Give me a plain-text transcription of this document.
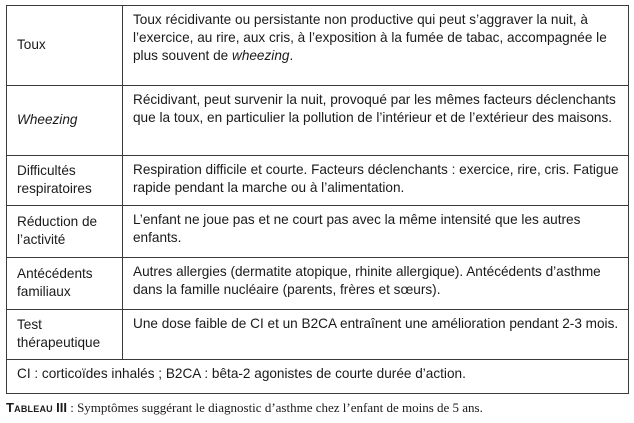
Toux	Toux récidivante ou persistante non productive qui peut s’aggraver la nuit, à l’exercice, au rire, aux cris, à l’exposition à la fumée de tabac, accompagnée le plus souvent de wheezing.
Wheezing	Récidivant, peut survenir la nuit, provoqué par les mêmes facteurs déclenchants que la toux, en particulier la pollution de l’intérieur et de l’extérieur des maisons.
Difficultés respiratoires	Respiration difficile et courte. Facteurs déclenchants : exercice, rire, cris. Fatigue rapide pendant la marche ou à l’alimentation.
Réduction de l’activité	L’enfant ne joue pas et ne court pas avec la même intensité que les autres enfants.
Antécédents familiaux	Autres allergies (dermatite atopique, rhinite allergique). Antécédents d’asthme dans la famille nucléaire (parents, frères et sœurs).
Test thérapeutique	Une dose faible de CI et un B2CA entraînent une amélioration pendant 2-3 mois.
CI : corticoïdes inhalés ; B2CA : bêta-2 agonistes de courte durée d’action.	
Tableau III : Symptômes suggérant le diagnostic d’asthme chez l’enfant de moins de 5 ans.
